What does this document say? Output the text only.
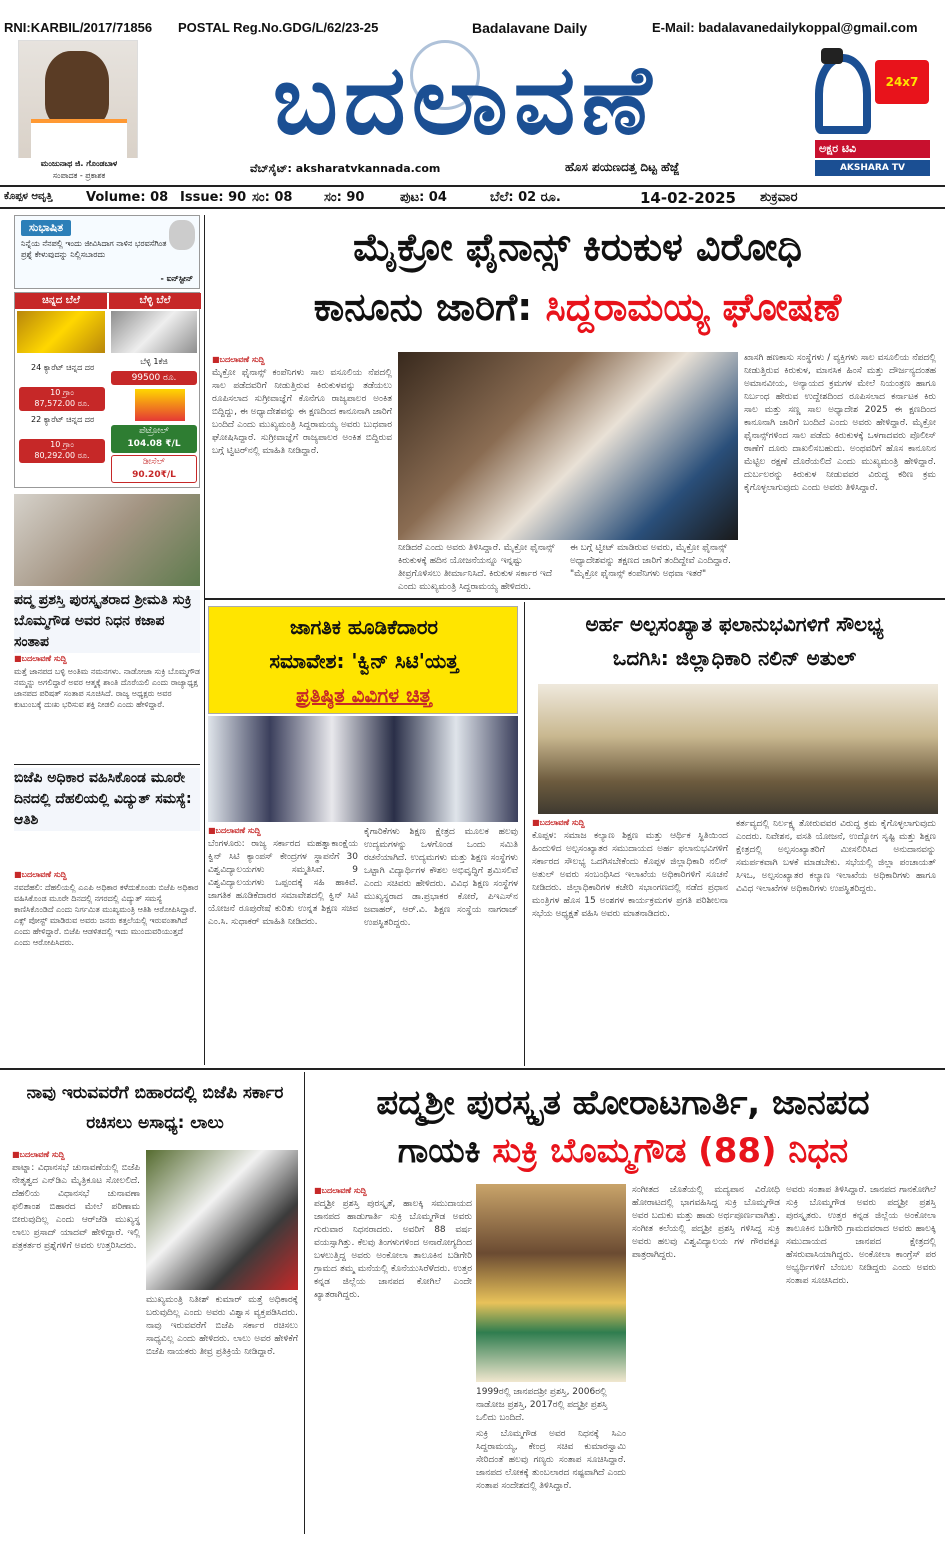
RNI:KARBIL/2017/71856 POSTAL Reg.No.GDG/L/62/23-25	Badalavane Daily	E-Mail: badalavanedailykoppal@gmail.com
ಮಂಜುನಾಥ ಜಿ. ಗೊಂಡಬಾಳ
ಸಂಪಾದಕ - ಪ್ರಕಾಶಕ
ಬದಲಾವಣೆ
ವೆಬ್‌ಸೈಟ್: aksharatvkannada.com	ಹೊಸ ಪಯಣದತ್ತ ದಿಟ್ಟ ಹೆಜ್ಜೆ
24x7
ಅಕ್ಷರ ಟಿವಿ
AKSHARA TV KANNADA
ಕೊಪ್ಪಳ ಆವೃತ್ತಿ	Volume: 08 Issue: 90 ಸಂ: 08 ಸಂ: 90	ಪುಟ: 04	ಬೆಲೆ: 02 ರೂ.	14-02-2025 ಶುಕ್ರವಾರ
ಸುಭಾಷಿತ
ನಿನ್ನೆಯ ನೆನಪಲ್ಲಿ ಇಂದು ಜೀವಿಸಿದಾಗ ನಾಳಿನ ಭರವಸೆಗಿಂತ ಪ್ರಶ್ನೆ ಕೇಳುವುದನ್ನು ನಿಲ್ಲಿಸಬಾರದು
- ಐನ್‌ಸ್ಟೀನ್
ಚಿನ್ನದ ಬೆಲೆ	ಬೆಳ್ಳಿ ಬೆಲೆ
24 ಕ್ಯಾರೆಟ್ ಚಿನ್ನದ ದರ
10 ಗ್ರಾಂ
87,572.00 ರೂ.
ಬೆಳ್ಳಿ 1ಕೆಜಿ
99500 ರೂ.
22 ಕ್ಯಾರೆಟ್ ಚಿನ್ನದ ದರ
10 ಗ್ರಾಂ
80,292.00 ರೂ.
ಪೆಟ್ರೋಲ್
104.08 ₹/L
ಡೀಸೆಲ್
90.20₹/L
ಪದ್ಮ ಪ್ರಶಸ್ತಿ ಪುರಸ್ಕೃತರಾದ ಶ್ರೀಮತಿ ಸುಕ್ರಿ ಬೊಮ್ಮಗೌಡ ಅವರ ನಿಧನ ಕಜಾಪ ಸಂತಾಪ
■ಬದಲಾವಣೆ ಸುದ್ದಿ
ಮತ್ತೆ ಜಾನಪದ ಬಳ್ಳಿ ಅಂತಿಮ ನಮನಗಳು. ನಾಡೋಜಾ ಸುಕ್ರಿ ಬೊಮ್ಮಗೌಡ ನಮ್ಮನ್ನು ಅಗಲಿದ್ದಾರೆ ಅವರ ಆತ್ಮಕ್ಕೆ ಶಾಂತಿ ದೊರೆಯಲಿ ಎಂದು ರಾಜ್ಯಾಧ್ಯಕ್ಷ ಜಾನಪದ ಪರಿಷತ್ ಸಂತಾಪ ಸೂಚಿಸಿದೆ. ರಾಜ್ಯ ಅಧ್ಯಕ್ಷರು ಅವರ ಕುಟುಂಬಕ್ಕೆ ದುಃಖ ಭರಿಸುವ ಶಕ್ತಿ ನೀಡಲಿ ಎಂದು ಹೇಳಿದ್ದಾರೆ.
ಬಿಜೆಪಿ ಅಧಿಕಾರ ವಹಿಸಿಕೊಂಡ ಮೂರೇ ದಿನದಲ್ಲಿ ದೆಹಲಿಯಲ್ಲಿ ವಿದ್ಯುತ್ ಸಮಸ್ಯೆ: ಆತಿಶಿ
■ಬದಲಾವಣೆ ಸುದ್ದಿ
ನವದೆಹಲಿ: ದೆಹಲಿಯಲ್ಲಿ ಎಎಪಿ ಅಧಿಕಾರ ಕಳೆದುಕೊಂಡು ಬಿಜೆಪಿ ಅಧಿಕಾರ ವಹಿಸಿಕೊಂಡ ಮೂರೇ ದಿನದಲ್ಲಿ ನಗರದಲ್ಲಿ ವಿದ್ಯುತ್ ಸಮಸ್ಯೆ ಕಾಣಿಸಿಕೊಂಡಿದೆ ಎಂದು ನಿರ್ಗಮಿತ ಮುಖ್ಯಮಂತ್ರಿ ಆತಿಶಿ ಆರೋಪಿಸಿದ್ದಾರೆ. ಎಕ್ಸ್ ಪೋಸ್ಟ್ ಮಾಡಿರುವ ಅವರು ಜನರು ಕತ್ತಲೆಯಲ್ಲಿ ಇರುವಂತಾಗಿದೆ ಎಂದು ಹೇಳಿದ್ದಾರೆ. ಬಿಜೆಪಿ ಆಡಳಿತದಲ್ಲಿ ಇದು ಮುಂದುವರಿಯುತ್ತದೆ ಎಂದು ಆರೋಪಿಸಿದರು.
ಮೈಕ್ರೋ ಫೈನಾನ್ಸ್ ಕಿರುಕುಳ ವಿರೋಧಿ
ಕಾನೂನು ಜಾರಿಗೆ: ಸಿದ್ದರಾಮಯ್ಯ ಘೋಷಣೆ
■ಬದಲಾವಣೆ ಸುದ್ದಿ
ಮೈಕ್ರೋ ಫೈನಾನ್ಸ್ ಕಂಪೆನಿಗಳು ಸಾಲ ವಸೂಲಿಯ ನೆಪದಲ್ಲಿ ಸಾಲ ಪಡೆದವರಿಗೆ ನೀಡುತ್ತಿರುವ ಕಿರುಕುಳವನ್ನು ತಡೆಯಲು ರೂಪಿಸಲಾದ ಸುಗ್ರೀವಾಜ್ಞೆಗೆ ಕೊನೆಗೂ ರಾಜ್ಯಪಾಲರ ಅಂಕಿತ ಬಿದ್ದಿದ್ದು, ಈ ಅಧ್ಯಾದೇಶವನ್ನು ಈ ಕ್ಷಣದಿಂದ ಕಾನೂನಾಗಿ ಜಾರಿಗೆ ಬಂದಿದೆ ಎಂದು ಮುಖ್ಯಮಂತ್ರಿ ಸಿದ್ದರಾಮಯ್ಯ ಅವರು ಬುಧವಾರ ಘೋಷಿಸಿದ್ದಾರೆ. ಸುಗ್ರೀವಾಜ್ಞೆಗೆ ರಾಜ್ಯಪಾಲರ ಅಂಕಿತ ಬಿದ್ದಿರುವ ಬಗ್ಗೆ ಟ್ವಿಟರ್‌ನಲ್ಲಿ ಮಾಹಿತಿ ನೀಡಿದ್ದಾರೆ.
ನೀಡಿದರೆ ಎಂದು ಅವರು ತಿಳಿಸಿದ್ದಾರೆ. ಮೈಕ್ರೋ ಫೈನಾನ್ಸ್ ಕಿರುಕುಳಕ್ಕೆ ಹದಿನ ಯೋಜನೆಯನ್ನೂ ಇನ್ನಷ್ಟು ತೀವ್ರಗೊಳಿಸಲು ತೀರ್ಮಾನಿಸಿದೆ. ಕಿರುಕುಳ ಸರ್ಕಾರ ಇದೆ ಎಂದು ಮುಖ್ಯಮಂತ್ರಿ ಸಿದ್ದರಾಮಯ್ಯ ಹೇಳಿದರು.
ಈ ಬಗ್ಗೆ ಟ್ವೀಟ್ ಮಾಡಿರುವ ಅವರು, ಮೈಕ್ರೋ ಫೈನಾನ್ಸ್ ಅಧ್ಯಾದೇಶವನ್ನು ತಕ್ಷಣದ ಜಾರಿಗೆ ತಂದಿದ್ದೇವೆ ಎಂದಿದ್ದಾರೆ. "ಮೈಕ್ರೋ ಫೈನಾನ್ಸ್ ಕಂಪೆನಿಗಳು ಅಥವಾ ಇತರೆ"
ಖಾಸಗಿ ಹಣಕಾಸು ಸಂಸ್ಥೆಗಳು / ವ್ಯಕ್ತಿಗಳು ಸಾಲ ವಸೂಲಿಯ ನೆಪದಲ್ಲಿ ನೀಡುತ್ತಿರುವ ಕಿರುಕುಳ, ಮಾನಸಿಕ ಹಿಂಸೆ ಮತ್ತು ದೌರ್ಜನ್ಯದಂತಹ ಅಮಾನವೀಯ, ಅನ್ಯಾಯದ ಕ್ರಮಗಳ ಮೇಲೆ ನಿಯಂತ್ರಣ ಹಾಗೂ ನಿರ್ಬಂಧ ಹೇರುವ ಉದ್ದೇಶದಿಂದ ರೂಪಿಸಲಾದ ಕರ್ನಾಟಕ ಕಿರು ಸಾಲ ಮತ್ತು ಸಣ್ಣ ಸಾಲ ಅಧ್ಯಾದೇಶ 2025 ಈ ಕ್ಷಣದಿಂದ ಕಾನೂನಾಗಿ ಜಾರಿಗೆ ಬಂದಿದೆ ಎಂದು ಅವರು ಹೇಳಿದ್ದಾರೆ. ಮೈಕ್ರೋ ಫೈನಾನ್ಸ್‌ಗಳಿಂದ ಸಾಲ ಪಡೆದು ಕಿರುಕುಳಕ್ಕೆ ಒಳಗಾದವರು ಪೊಲೀಸ್ ಠಾಣೆಗೆ ದೂರು ದಾಖಲಿಸಬಹುದು. ಅಂಥವರಿಗೆ ಹೊಸ ಕಾನೂನಿನ ಮೆಟ್ಟಿಲ ರಕ್ಷಣೆ ದೊರೆಯಲಿದೆ ಎಂದು ಮುಖ್ಯಮಂತ್ರಿ ಹೇಳಿದ್ದಾರೆ. ದುರ್ಬಲರನ್ನು ಕಿರುಕುಳ ನೀಡುವವರ ವಿರುದ್ಧ ಕಠಿಣ ಕ್ರಮ ಕೈಗೊಳ್ಳಲಾಗುವುದು ಎಂದು ಅವರು ತಿಳಿಸಿದ್ದಾರೆ.
ಜಾಗತಿಕ ಹೂಡಿಕೆದಾರರ
ಸಮಾವೇಶ: 'ಕ್ವಿನ್ ಸಿಟಿ'ಯತ್ತ
ಪ್ರತಿಷ್ಠಿತ ವಿವಿಗಳ ಚಿತ್ತ
■ಬದಲಾವಣೆ ಸುದ್ದಿ
ಬೆಂಗಳೂರು: ರಾಜ್ಯ ಸರ್ಕಾರದ ಮಹತ್ವಾಕಾಂಕ್ಷೆಯ ಕ್ವಿನ್ ಸಿಟಿ ಕ್ಯಾಂಪಸ್ ಕೇಂದ್ರಗಳ ಸ್ಥಾಪನೆಗೆ 30 ವಿಶ್ವವಿದ್ಯಾಲಯಗಳು ಸಮ್ಮತಿಸಿವೆ. 9 ವಿಶ್ವವಿದ್ಯಾಲಯಗಳು ಒಪ್ಪಂದಕ್ಕೆ ಸಹಿ ಹಾಕಿವೆ. ಜಾಗತಿಕ ಹೂಡಿಕೆದಾರರ ಸಮಾವೇಶದಲ್ಲಿ ಕ್ವಿನ್ ಸಿಟಿ ಯೋಜನೆ ರೂಪುರೇಷೆ ಕುರಿತು ಉನ್ನತ ಶಿಕ್ಷಣ ಸಚಿವ ಎಂ.ಸಿ. ಸುಧಾಕರ್ ಮಾಹಿತಿ ನೀಡಿದರು.
ಕೈಗಾರಿಕೆಗಳು ಶಿಕ್ಷಣ ಕ್ಷೇತ್ರದ ಮೂಲಕ ಹಲವು ಉದ್ಯಮಗಳನ್ನು ಒಳಗೊಂಡ ಒಂದು ಸಮಿತಿ ರಚನೆಯಾಗಿದೆ. ಉದ್ಯಮಗಳು ಮತ್ತು ಶಿಕ್ಷಣ ಸಂಸ್ಥೆಗಳು ಒಟ್ಟಾಗಿ ವಿದ್ಯಾರ್ಥಿಗಳ ಕೌಶಲ ಅಭಿವೃದ್ಧಿಗೆ ಶ್ರಮಿಸಲಿವೆ ಎಂದು ಸಚಿವರು ಹೇಳಿದರು. ವಿವಿಧ ಶಿಕ್ಷಣ ಸಂಸ್ಥೆಗಳ ಮುಖ್ಯಸ್ಥರಾದ ಡಾ.ಪ್ರಭಾಕರ ಕೋರೆ, ಪಿಇಎಸ್‌ನ ಜವಾಹರ್, ಆರ್.ವಿ. ಶಿಕ್ಷಣ ಸಂಸ್ಥೆಯ ನಾಗರಾಜ್ ಉಪಸ್ಥಿತರಿದ್ದರು.
ಅರ್ಹ ಅಲ್ಪಸಂಖ್ಯಾತ ಫಲಾನುಭವಿಗಳಿಗೆ ಸೌಲಭ್ಯ
ಒದಗಿಸಿ: ಜಿಲ್ಲಾಧಿಕಾರಿ ನಲಿನ್ ಅತುಲ್
■ಬದಲಾವಣೆ ಸುದ್ದಿ
ಕೊಪ್ಪಳ: ಸಮಾಜ ಕಲ್ಯಾಣ ಶಿಕ್ಷಣ ಮತ್ತು ಆರ್ಥಿಕ ಸ್ಥಿತಿಯಿಂದ ಹಿಂದುಳಿದ ಅಲ್ಪಸಂಖ್ಯಾತರ ಸಮುದಾಯದ ಅರ್ಹ ಫಲಾನುಭವಿಗಳಿಗೆ ಸರ್ಕಾರದ ಸೌಲಭ್ಯ ಒದಗಿಸಬೇಕೆಂದು ಕೊಪ್ಪಳ ಜಿಲ್ಲಾಧಿಕಾರಿ ನಲಿನ್ ಅತುಲ್ ಅವರು ಸಂಬಂಧಿಸಿದ ಇಲಾಖೆಯ ಅಧಿಕಾರಿಗಳಿಗೆ ಸೂಚನೆ ನೀಡಿದರು. ಜಿಲ್ಲಾಧಿಕಾರಿಗಳ ಕಚೇರಿ ಸಭಾಂಗಣದಲ್ಲಿ ನಡೆದ ಪ್ರಧಾನ ಮಂತ್ರಿಗಳ ಹೊಸ 15 ಅಂಶಗಳ ಕಾರ್ಯಕ್ರಮಗಳ ಪ್ರಗತಿ ಪರಿಶೀಲನಾ ಸಭೆಯ ಅಧ್ಯಕ್ಷತೆ ವಹಿಸಿ ಅವರು ಮಾತನಾಡಿದರು.
ಕರ್ತವ್ಯದಲ್ಲಿ ನಿರ್ಲಕ್ಷ್ಯ ತೋರುವವರ ವಿರುದ್ಧ ಕ್ರಮ ಕೈಗೊಳ್ಳಲಾಗುವುದು ಎಂದರು. ನಿವೇಶನ, ವಸತಿ ಯೋಜನೆ, ಉದ್ಯೋಗ ಸೃಷ್ಟಿ ಮತ್ತು ಶಿಕ್ಷಣ ಕ್ಷೇತ್ರದಲ್ಲಿ ಅಲ್ಪಸಂಖ್ಯಾತರಿಗೆ ಮೀಸಲಿರಿಸಿದ ಅನುದಾನವನ್ನು ಸಮರ್ಪಕವಾಗಿ ಬಳಕೆ ಮಾಡಬೇಕು. ಸಭೆಯಲ್ಲಿ ಜಿಲ್ಲಾ ಪಂಚಾಯತ್ ಸಿಇಒ, ಅಲ್ಪಸಂಖ್ಯಾತರ ಕಲ್ಯಾಣ ಇಲಾಖೆಯ ಅಧಿಕಾರಿಗಳು ಹಾಗೂ ವಿವಿಧ ಇಲಾಖೆಗಳ ಅಧಿಕಾರಿಗಳು ಉಪಸ್ಥಿತರಿದ್ದರು.
ನಾವು ಇರುವವರೆಗೆ ಬಿಹಾರದಲ್ಲಿ ಬಿಜೆಪಿ ಸರ್ಕಾರ ರಚಿಸಲು ಅಸಾಧ್ಯ: ಲಾಲು
■ಬದಲಾವಣೆ ಸುದ್ದಿ
ಪಾಟ್ನಾ: ವಿಧಾನಸಭೆ ಚುನಾವಣೆಯಲ್ಲಿ ಬಿಜೆಪಿ ನೇತೃತ್ವದ ಎನ್‌ಡಿಎ ಮೈತ್ರಿಕೂಟ ಸೋಲಲಿದೆ. ದೆಹಲಿಯ ವಿಧಾನಸಭೆ ಚುನಾವಣಾ ಫಲಿತಾಂಶ ಬಿಹಾರದ ಮೇಲೆ ಪರಿಣಾಮ ಬೀರುವುದಿಲ್ಲ ಎಂದು ಆರ್‌ಜೆಡಿ ಮುಖ್ಯಸ್ಥ ಲಾಲು ಪ್ರಸಾದ್ ಯಾದವ್ ಹೇಳಿದ್ದಾರೆ. ಇಲ್ಲಿ ಪತ್ರಕರ್ತರ ಪ್ರಶ್ನೆಗಳಿಗೆ ಅವರು ಉತ್ತರಿಸಿದರು.
ಮುಖ್ಯಮಂತ್ರಿ ನಿತೀಶ್ ಕುಮಾರ್ ಮತ್ತೆ ಅಧಿಕಾರಕ್ಕೆ ಬರುವುದಿಲ್ಲ ಎಂದು ಅವರು ವಿಶ್ವಾಸ ವ್ಯಕ್ತಪಡಿಸಿದರು. ನಾವು ಇರುವವರೆಗೆ ಬಿಜೆಪಿ ಸರ್ಕಾರ ರಚಿಸಲು ಸಾಧ್ಯವಿಲ್ಲ ಎಂದು ಹೇಳಿದರು. ಲಾಲು ಅವರ ಹೇಳಿಕೆಗೆ ಬಿಜೆಪಿ ನಾಯಕರು ತೀವ್ರ ಪ್ರತಿಕ್ರಿಯೆ ನೀಡಿದ್ದಾರೆ.
ಪದ್ಮಶ್ರೀ ಪುರಸ್ಕೃತ ಹೋರಾಟಗಾರ್ತಿ, ಜಾನಪದ
ಗಾಯಕಿ ಸುಕ್ರಿ ಬೊಮ್ಮಗೌಡ (88) ನಿಧನ
■ಬದಲಾವಣೆ ಸುದ್ದಿ
ಪದ್ಮಶ್ರೀ ಪ್ರಶಸ್ತಿ ಪುರಸ್ಕೃತೆ, ಹಾಲಕ್ಕಿ ಸಮುದಾಯದ ಜಾನಪದ ಹಾಡುಗಾರ್ತಿ ಸುಕ್ರಿ ಬೊಮ್ಮಗೌಡ ಅವರು ಗುರುವಾರ ನಿಧನರಾದರು. ಅವರಿಗೆ 88 ವರ್ಷ ವಯಸ್ಸಾಗಿತ್ತು. ಕೆಲವು ತಿಂಗಳುಗಳಿಂದ ಅನಾರೋಗ್ಯದಿಂದ ಬಳಲುತ್ತಿದ್ದ ಅವರು ಅಂಕೋಲಾ ತಾಲೂಕಿನ ಬಡಿಗೇರಿ ಗ್ರಾಮದ ತಮ್ಮ ಮನೆಯಲ್ಲಿ ಕೊನೆಯುಸಿರೆಳೆದರು. ಉತ್ತರ ಕನ್ನಡ ಜಿಲ್ಲೆಯ ಜಾನಪದ ಕೋಗಿಲೆ ಎಂದೇ ಖ್ಯಾತರಾಗಿದ್ದರು.
1999ರಲ್ಲಿ ಜಾನಪದಶ್ರೀ ಪ್ರಶಸ್ತಿ, 2006ರಲ್ಲಿ ನಾಡೋಜ ಪ್ರಶಸ್ತಿ, 2017ರಲ್ಲಿ ಪದ್ಮಶ್ರೀ ಪ್ರಶಸ್ತಿ ಒಲಿದು ಬಂದಿದೆ.
ಸುಕ್ರಿ ಬೊಮ್ಮಗೌಡ ಅವರ ನಿಧನಕ್ಕೆ ಸಿಎಂ ಸಿದ್ದರಾಮಯ್ಯ, ಕೇಂದ್ರ ಸಚಿವ ಕುಮಾರಸ್ವಾಮಿ ಸೇರಿದಂತೆ ಹಲವು ಗಣ್ಯರು ಸಂತಾಪ ಸೂಚಿಸಿದ್ದಾರೆ. ಜಾನಪದ ಲೋಕಕ್ಕೆ ತುಂಬಲಾರದ ನಷ್ಟವಾಗಿದೆ ಎಂದು ಸಂತಾಪ ಸಂದೇಶದಲ್ಲಿ ತಿಳಿಸಿದ್ದಾರೆ.
ಸಂಗೀತದ ಜೊತೆಯಲ್ಲಿ ಮದ್ಯಪಾನ ವಿರೋಧಿ ಹೋರಾಟದಲ್ಲಿ ಭಾಗವಹಿಸಿದ್ದ ಸುಕ್ರಿ ಬೊಮ್ಮಗೌಡ ಅವರ ಬದುಕು ಮತ್ತು ಹಾಡು ಅರ್ಥಪೂರ್ಣವಾಗಿತ್ತು. ಸಂಗೀತ ಕಲೆಯಲ್ಲಿ ಪದ್ಮಶ್ರೀ ಪ್ರಶಸ್ತಿ ಗಳಿಸಿದ್ದ ಸುಕ್ರಿ ಅವರು ಹಲವು ವಿಶ್ವವಿದ್ಯಾಲಯ ಗಳ ಗೌರವಕ್ಕೂ ಪಾತ್ರರಾಗಿದ್ದರು.
ಅವರು ಸಂತಾಪ ತಿಳಿಸಿದ್ದಾರೆ. ಜಾನಪದ ಗಾನಕೋಗಿಲೆ ಸುಕ್ರಿ ಬೊಮ್ಮಗೌಡ ಅವರು ಪದ್ಮಶ್ರೀ ಪ್ರಶಸ್ತಿ ಪುರಸ್ಕೃತರು. ಉತ್ತರ ಕನ್ನಡ ಜಿಲ್ಲೆಯ ಅಂಕೋಲಾ ತಾಲೂಕಿನ ಬಡಿಗೇರಿ ಗ್ರಾಮದವರಾದ ಅವರು ಹಾಲಕ್ಕಿ ಸಮುದಾಯದ ಜಾನಪದ ಕ್ಷೇತ್ರದಲ್ಲಿ ಹೆಸರುವಾಸಿಯಾಗಿದ್ದರು. ಅಂಕೋಲಾ ಕಾಂಗ್ರೆಸ್ ಪರ ಅಭ್ಯರ್ಥಿಗಳಿಗೆ ಬೆಂಬಲ ನೀಡಿದ್ದರು ಎಂದು ಅವರು ಸಂತಾಪ ಸೂಚಿಸಿದರು.
